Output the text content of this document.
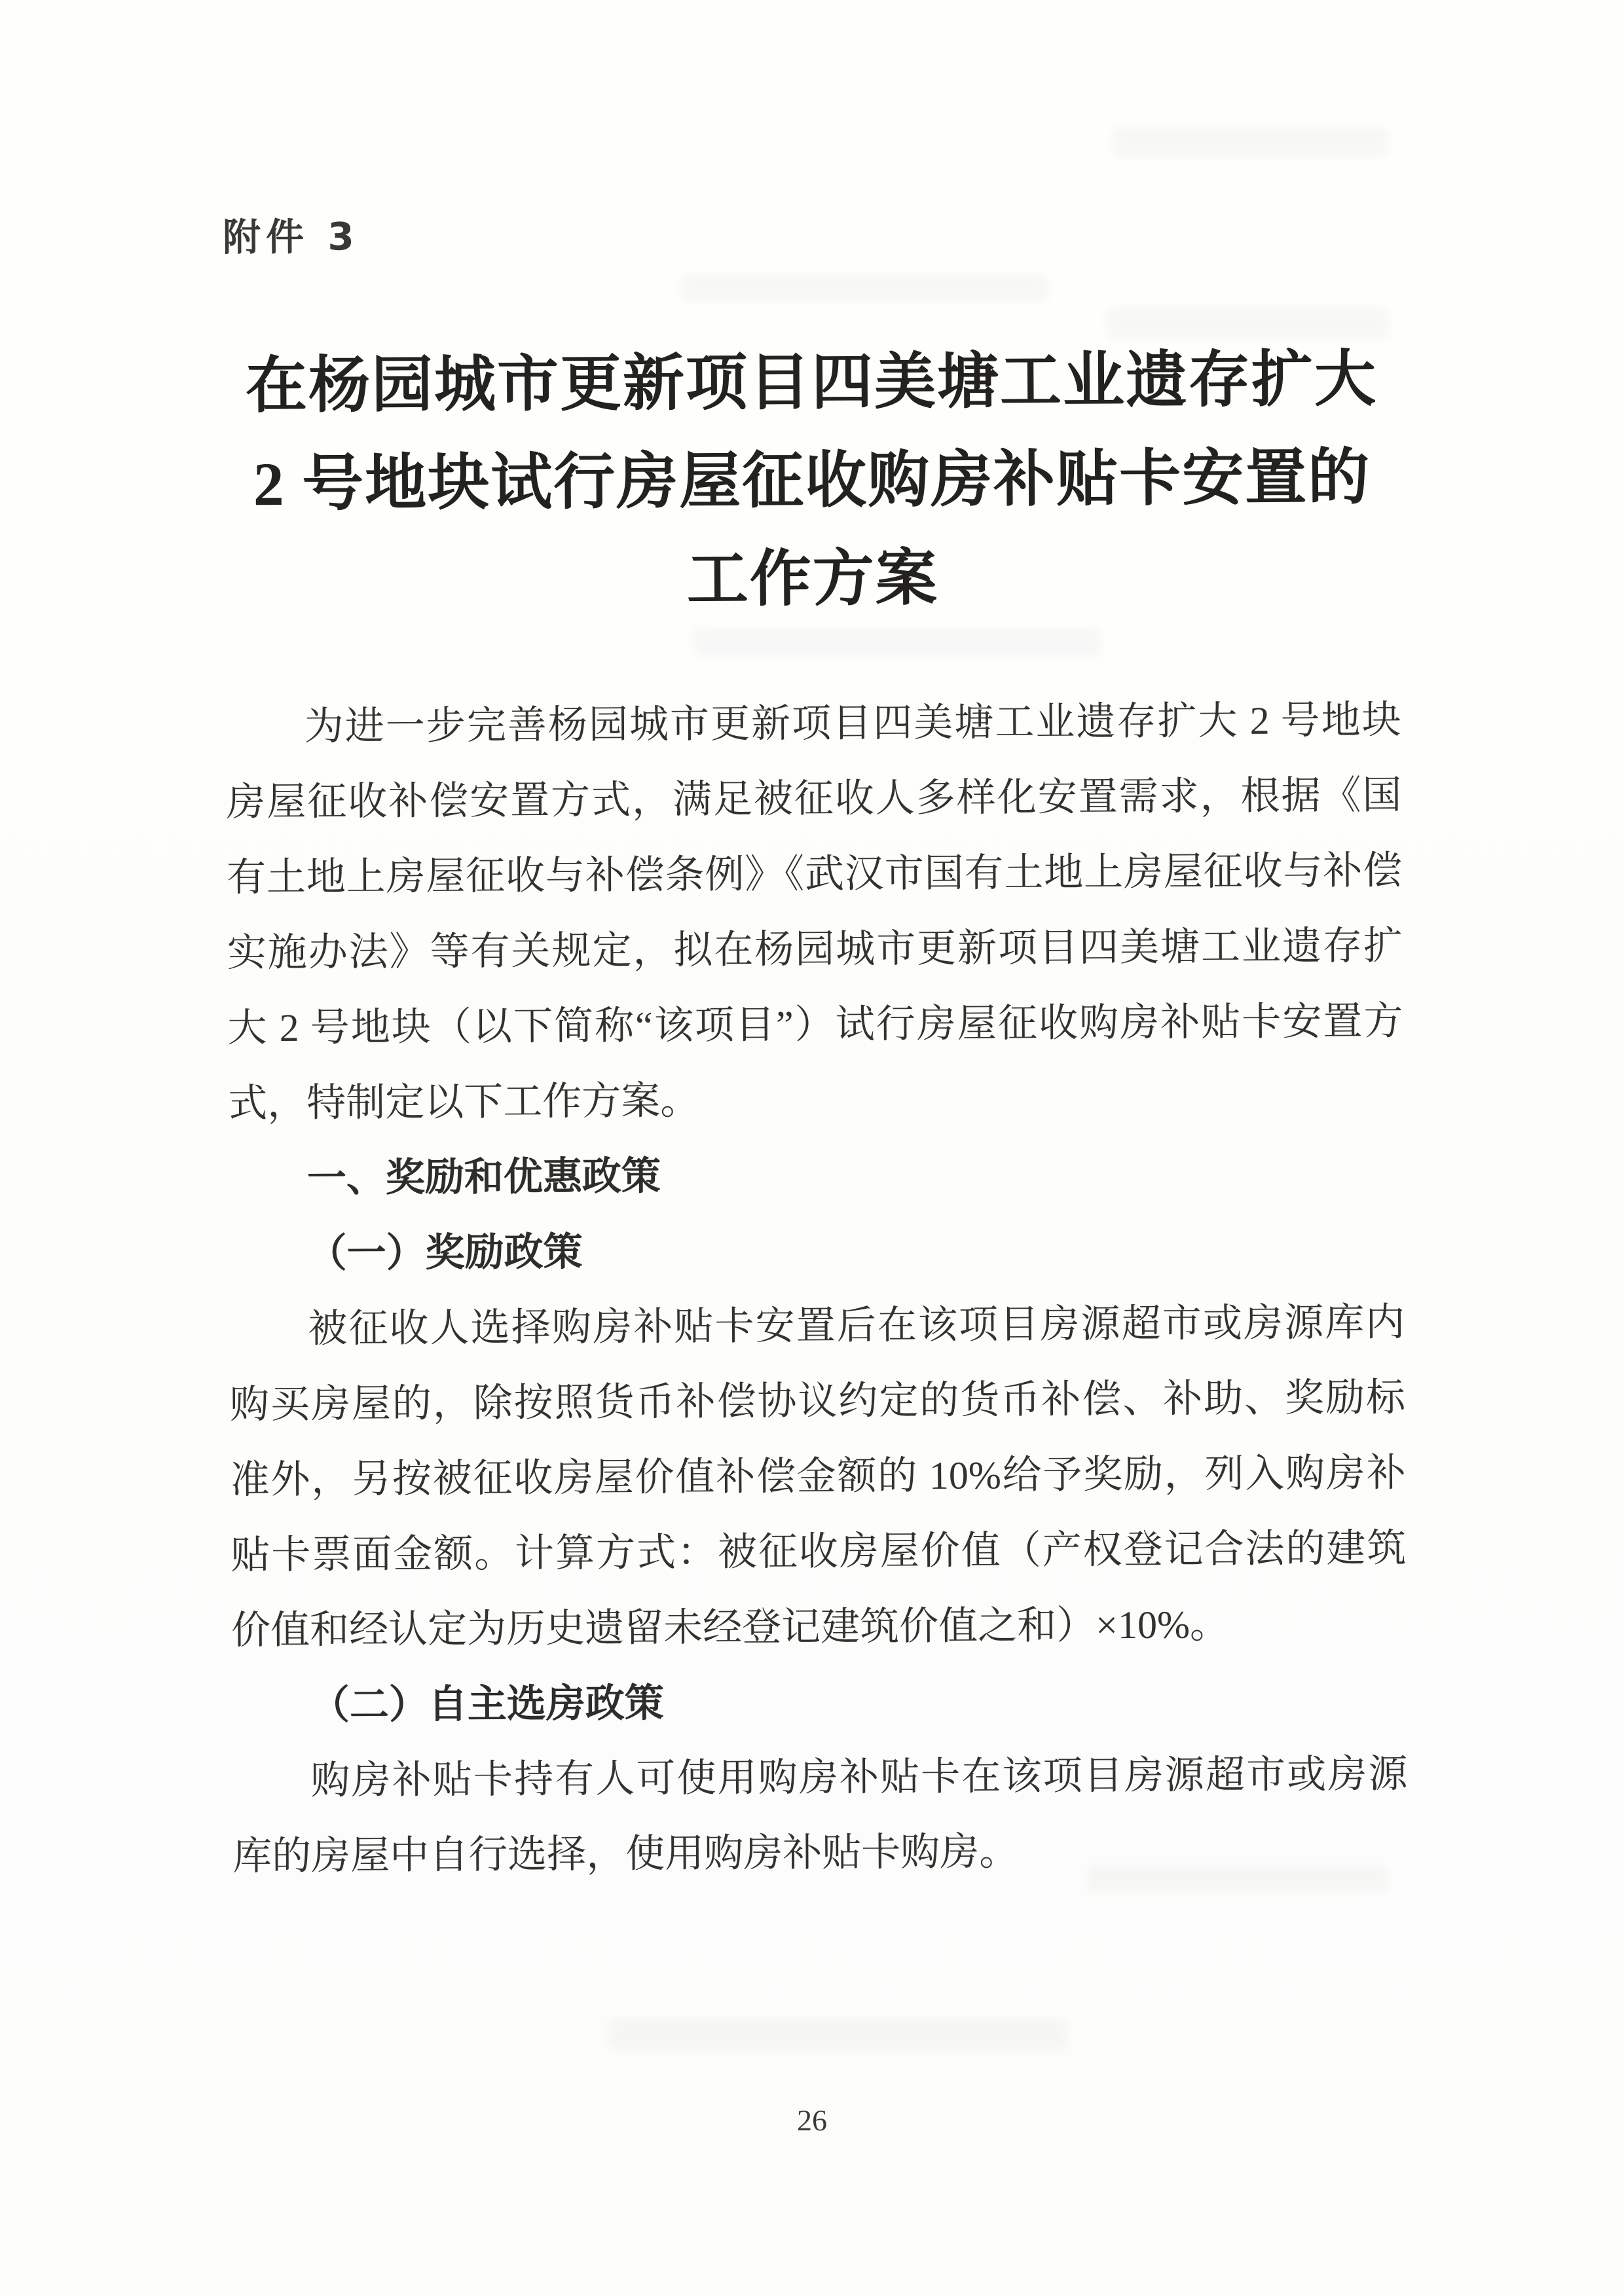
附件 3
在杨园城市更新项目四美塘工业遗存扩大
2 号地块试行房屋征收购房补贴卡安置的
工作方案

为进一步完善杨园城市更新项目四美塘工业遗存扩大 2 号地块房屋征收补偿安置方式，满足被征收人多样化安置需求，根据《国有土地上房屋征收与补偿条例》《武汉市国有土地上房屋征收与补偿实施办法》等有关规定，拟在杨园城市更新项目四美塘工业遗存扩大 2 号地块（以下简称“该项目”）试行房屋征收购房补贴卡安置方式，特制定以下工作方案。

一、奖励和优惠政策

（一）奖励政策

被征收人选择购房补贴卡安置后在该项目房源超市或房源库内购买房屋的，除按照货币补偿协议约定的货币补偿、补助、奖励标准外，另按被征收房屋价值补偿金额的 10%给予奖励，列入购房补贴卡票面金额。计算方式：被征收房屋价值（产权登记合法的建筑价值和经认定为历史遗留未经登记建筑价值之和）×10%。

（二）自主选房政策

购房补贴卡持有人可使用购房补贴卡在该项目房源超市或房源库的房屋中自行选择，使用购房补贴卡购房。

26
